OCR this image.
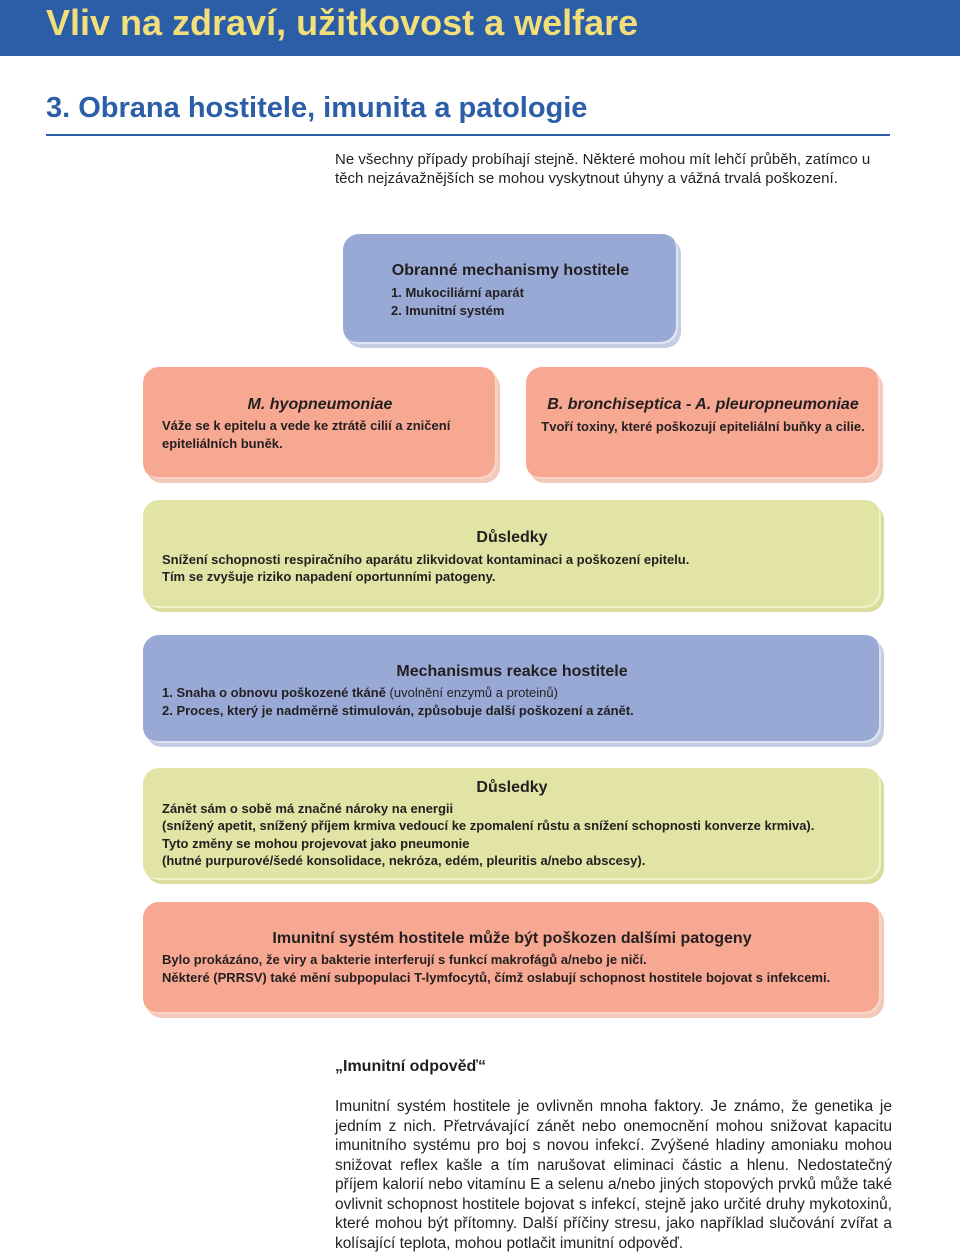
Vliv na zdraví, užitkovost a welfare
3. Obrana hostitele, imunita a patologie
Ne všechny případy probíhají stejně. Některé mohou mít lehčí průběh, zatímco u těch nejzávažnějších se mohou vyskytnout úhyny a vážná trvalá poškození.
Obranné mechanismy hostitele
1. Mukociliární aparát
2. Imunitní systém
M. hyopneumoniae
Váže se k epitelu a vede ke ztrátě cilií a zničení epiteliálních buněk.
B. bronchiseptica - A. pleuropneumoniae
Tvoří toxiny, které poškozují epiteliální buňky a cilie.
Důsledky
Snížení schopnosti respiračního aparátu zlikvidovat kontaminaci a poškození epitelu.
Tím se zvyšuje riziko napadení oportunními patogeny.
Mechanismus reakce hostitele
1. Snaha o obnovu poškozené tkáně (uvolnění enzymů a proteinů)
2. Proces, který je nadměrně stimulován, způsobuje další poškození a zánět.
Důsledky
Zánět sám o sobě má značné nároky na energii
(snížený apetit, snížený příjem krmiva vedoucí ke zpomalení růstu a snížení schopnosti konverze krmiva).
Tyto změny se mohou projevovat jako pneumonie
(hutné purpurové/šedé konsolidace, nekróza, edém, pleuritis a/nebo abscesy).
Imunitní systém hostitele může být poškozen dalšími patogeny
Bylo prokázáno, že viry a bakterie interferují s funkcí makrofágů a/nebo je ničí.
Některé (PRRSV) také mění subpopulaci T-lymfocytů, čímž oslabují schopnost hostitele bojovat s infekcemi.
„Imunitní odpověď“
Imunitní systém hostitele je ovlivněn mnoha faktory. Je známo, že genetika je jedním z nich. Přetrvávající zánět nebo onemocnění mohou snižovat kapacitu imunitního systému pro boj s novou infekcí. Zvýšené hladiny amoniaku mohou snižovat reflex kašle a tím narušovat eliminaci částic a hlenu. Nedostatečný příjem kalorií nebo vitamínu E a selenu a/nebo jiných stopových prvků může také ovlivnit schopnost hostitele bojovat s infekcí, stejně jako určité druhy mykotoxinů, které mohou být přítomny. Další příčiny stresu, jako například slučování zvířat a kolísající teplota, mohou potlačit imunitní odpověď.
